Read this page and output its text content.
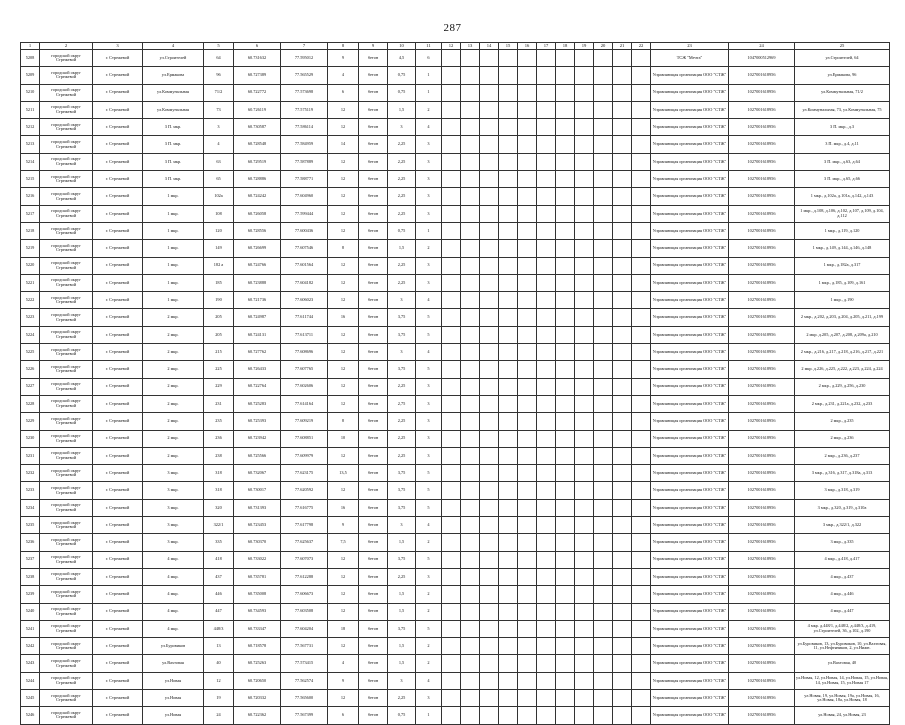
287
1	2	3	4	5	6	7	8	9	10	11	12	13	14	15	16	17	18	19	20	21	22	23	24	25
5208	городской округ Стрежевой	г. Стрежевой	ул.Строителей	64	60.731632	77.595012	9	бетон	4,5	6												ТСЖ "Мечта"	1047000512969	ул.Строителей, 64
5209	городской округ Стрежевой	г. Стрежевой	ул.Ермакова	96	60.727389	77.565529	4	бетон	0,75	1												Управляющая организация ООО "СТЖ"	1027001618956	ул.Ермакова, 96
5210	городской округ Стрежевой	г. Стрежевой	ул.Коммунальная	71/2	60.722772	77.573698	6	бетон	0,75	1												Управляющая организация ООО "СТЖ"	1027001618956	ул.Коммунальная, 71/2
5211	городской округ Стрежевой	г. Стрежевой	ул.Коммунальная	73	60.726119	77.575119	12	бетон	1,5	2												Управляющая организация ООО "СТЖ"	1027001618956	ул.Коммунальная, 73, ул.Коммунальная, 75
5212	городской округ Стрежевой	г. Стрежевой	3 П. мкр.	3	60.730587	77.586114	12	бетон	3	4												Управляющая организация ООО "СТЖ"	1027001618956	3 П. мкр., д.3
5213	городской округ Стрежевой	г. Стрежевой	3 П. мкр.	4	60.728548	77.584959	14	бетон	2,25	3												Управляющая организация ООО "СТЖ"	1027001618956	3 П. мкр., д.4, д.11
5214	городской округ Стрежевой	г. Стрежевой	3 П. мкр.	63	60.729519	77.587889	12	бетон	2,25	3												Управляющая организация ООО "СТЖ"	1027001618956	3 П. мкр., д.63, д.64
5215	городской округ Стрежевой	г. Стрежевой	3 П. мкр.	65	60.728886	77.588771	12	бетон	2,25	3												Управляющая организация ООО "СТЖ"	1027001618956	3 П. мкр., д.65, д.66
5216	городской округ Стрежевой	г. Стрежевой	1 мкр.	102а	60.724242	77.604960	12	бетон	2,25	3												Управляющая организация ООО "СТЖ"	1027001618956	1 мкр., д.102а, д.101а, д.142, д.143
5217	городской округ Стрежевой	г. Стрежевой	1 мкр.	108	60.726058	77.599444	12	бетон	2,25	3												Управляющая организация ООО "СТЖ"	1027001618956	1 мкр., д.108, д.106, д.102, д.107, д.109, д.104, д.112
5218	городской округ Стрежевой	г. Стрежевой	1 мкр.	120	60.728556	77.600436	12	бетон	0,75	1												Управляющая организация ООО "СТЖ"	1027001618956	1 мкр., д.119, д.120
5219	городской округ Стрежевой	г. Стрежевой	1 мкр.	149	60.726699	77.607546	8	бетон	1,5	2												Управляющая организация ООО "СТЖ"	1027001618956	1 мкр., д.149, д.144, д.146, д.148
5220	городской округ Стрежевой	г. Стрежевой	1 мкр.	182 а	60.724766	77.601564	12	бетон	2,25	3												Управляющая организация ООО "СТЖ"	1027001618956	1 мкр., д.182а, д.317
5221	городской округ Стрежевой	г. Стрежевой	1 мкр.	185	60.723888	77.604182	12	бетон	2,25	3												Управляющая организация ООО "СТЖ"	1027001618956	1 мкр., д.185, д.109, д.161
5222	городской округ Стрежевой	г. Стрежевой	1 мкр.	190	60.721736	77.606023	12	бетон	3	4												Управляющая организация ООО "СТЖ"	1027001618956	1 мкр., д.190
5223	городской округ Стрежевой	г. Стрежевой	2 мкр.	205	60.724987	77.611744	16	бетон	3,75	5												Управляющая организация ООО "СТЖ"	1027001618956	2 мкр., д.202, д.203, д.204, д.205, д.211, д.199
5224	городской округ Стрежевой	г. Стрежевой	2 мкр.	205	60.724131	77.613711	12	бетон	3,75	5												Управляющая организация ООО "СТЖ"	1027001618956	2 мкр. д.205, д.207, д.208, д.209а, д.210
5225	городской округ Стрежевой	г. Стрежевой	2 мкр.	215	60.727762	77.608696	12	бетон	3	4												Управляющая организация ООО "СТЖ"	1027001618956	2 мкр., д.216, д.217, д.218, д.216, д.217, д.221
5226	городской округ Стрежевой	г. Стрежевой	2 мкр.	225	60.726433	77.607765	12	бетон	3,75	5												Управляющая организация ООО "СТЖ"	1027001618956	2 мкр. д.226, д.225, д.222, д.223, д.224, д.224
5227	городской округ Стрежевой	г. Стрежевой	2 мкр.	229	60.722764	77.602606	12	бетон	2,25	3												Управляющая организация ООО "СТЖ"	1027001618956	2 мкр., д.229, д.256, д.230
5228	городской округ Стрежевой	г. Стрежевой	2 мкр.	231	60.725283	77.614164	12	бетон	2,75	3												Управляющая организация ООО "СТЖ"	1027001618956	2 мкр., д.231, д.221а, д.232, д.233
5229	городской округ Стрежевой	г. Стрежевой	2 мкр.	235	60.725393	77.609219	8	бетон	2,25	3												Управляющая организация ООО "СТЖ"	1027001618956	2 мкр., д.235
5230	городской округ Стрежевой	г. Стрежевой	2 мкр.	236	60.723942	77.608851	10	бетон	2,25	3												Управляющая организация ООО "СТЖ"	1027001618956	2 мкр., д.236
5231	городской округ Стрежевой	г. Стрежевой	2 мкр.	238	60.725566	77.609979	12	бетон	2,25	3												Управляющая организация ООО "СТЖ"	1027001618956	2 мкр., д.236, д.237
5232	городской округ Стрежевой	г. Стрежевой	3 мкр.	318	60.732067	77.623175	13,5	бетон	3,75	5												Управляющая организация ООО "СТЖ"	1027001618956	3 мкр., д.316, д.317, д.318а, д.313
5233	городской округ Стрежевой	г. Стрежевой	3 мкр.	318	60.730017	77.620592	12	бетон	3,75	5												Управляющая организация ООО "СТЖ"	1027001618956	3 мкр., д.318, д.319
5234	городской округ Стрежевой	г. Стрежевой	3 мкр.	320	60.731393	77.616775	16	бетон	3,75	5												Управляющая организация ООО "СТЖ"	1027001618956	3 мкр., д.320, д.319, д.310а
5235	городской округ Стрежевой	г. Стрежевой	3 мкр.	322/1	60.723453	77.617798	9	бетон	3	4												Управляющая организация ООО "СТЖ"	1027001618956	3 мкр., д.322/1, д.322
5236	городской округ Стрежевой	г. Стрежевой	3 мкр.	335	60.730370	77.625637	7,5	бетон	1,5	2												Управляющая организация ООО "СТЖ"	1027001618956	3 мкр., д.335
5237	городской округ Стрежевой	г. Стрежевой	4 мкр.	418	60.733022	77.607073	12	бетон	3,75	5												Управляющая организация ООО "СТЖ"	1027001618956	4 мкр., д.418, д.417
5238	городской округ Стрежевой	г. Стрежевой	4 мкр.	437	60.735781	77.612288	12	бетон	2,25	3												Управляющая организация ООО "СТЖ"	1027001618956	4 мкр., д.437
5239	городской округ Стрежевой	г. Стрежевой	4 мкр.	446	60.735008	77.606673	12	бетон	1,5	2												Управляющая организация ООО "СТЖ"	1027001618956	4 мкр., д.446
5240	городской округ Стрежевой	г. Стрежевой	4 мкр.	447	60.734593	77.603508	12	бетон	1,5	2												Управляющая организация ООО "СТЖ"	1027001618956	4 мкр., д.447
5241	городской округ Стрежевой	г. Стрежевой	4 мкр.	448/3	60.733347	77.604204	18	бетон	3,75	5												Управляющая организация ООО "СТЖ"	1027001618956	4 мкр. д.448/1, д.448/2, д.448/3, д.419, ул.Строителей, 36, д.102, д.190
5242	городской округ Стрежевой	г. Стрежевой	ул.Буровиков	13	60.718578	77.567731	12	бетон	1,5	2												Управляющая организация ООО "СТЖ"	1027001618956	ул.Буровиков, 13, ул.Буровиков, 10, ул.Вахтовая, 11, ул.Нефтяников, 2, ул.Нижн.
5243	городской округ Стрежевой	г. Стрежевой	ул.Вахтовая	40	60.725263	77.573415	4	бетон	1,5	2												Управляющая организация ООО "СТЖ"	1027001618956	ул.Вахтовая, 40
5244	городской округ Стрежевой	г. Стрежевой	ул.Новая	12	60.720650	77.562574	9	бетон	3	4												Управляющая организация ООО "СТЖ"	1027001618956	ул.Новая, 12, ул.Новая, 14, ул.Новая, 15, ул.Новая, 14, ул.Новая, 15, ул.Новая 17
5245	городской округ Стрежевой	г. Стрежевой	ул.Новая	19	60.720332	77.565600	12	бетон	2,25	3												Управляющая организация ООО "СТЖ"	1027001618956	ул.Новая, 19, ул.Новая, 19а, ул.Новая, 16, ул.Новая, 18а, ул.Новая, 18
5246	городской округ Стрежевой	г. Стрежевой	ул.Новая	24	60.722362	77.567399	6	бетон	0,75	1												Управляющая организация ООО "СТЖ"	1027001618956	ул.Новая, 24, ул.Новая, 23
